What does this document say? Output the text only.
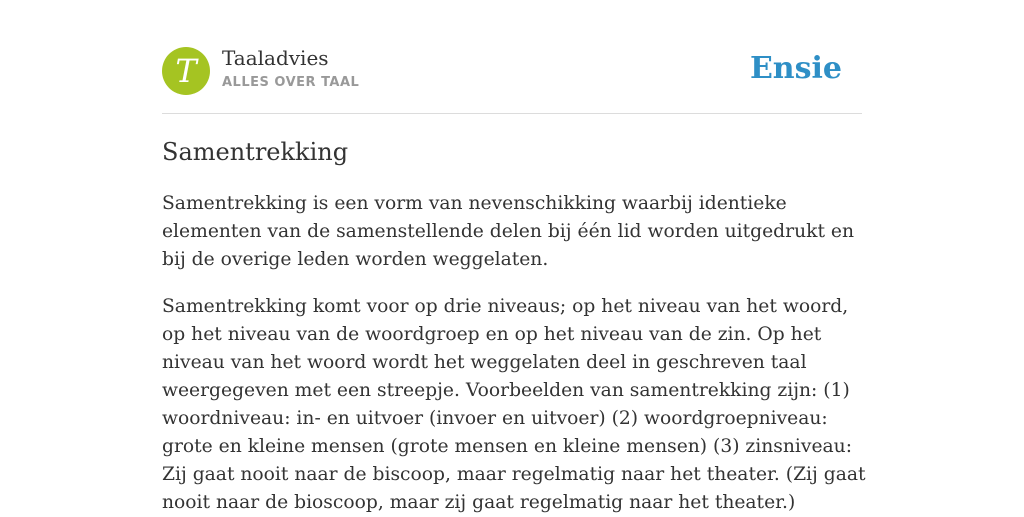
T	Taaladvies
ALLES OVER TAAL	Ensie
Samentrekking

Samentrekking is een vorm van nevenschikking waarbij identieke elementen van de samenstellende delen bij één lid worden uitgedrukt en bij de overige leden worden weggelaten.

Samentrekking komt voor op drie niveaus; op het niveau van het woord, op het niveau van de woordgroep en op het niveau van de zin. Op het niveau van het woord wordt het weggelaten deel in geschreven taal weergegeven met een streepje. Voorbeelden van samentrekking zijn: (1) woordniveau: in- en uitvoer (invoer en uitvoer) (2) woordgroepniveau: grote en kleine mensen (grote mensen en kleine mensen) (3) zinsniveau: Zij gaat nooit naar de biscoop, maar regelmatig naar het theater. (Zij gaat nooit naar de bioscoop, maar zij gaat regelmatig naar het theater.)
